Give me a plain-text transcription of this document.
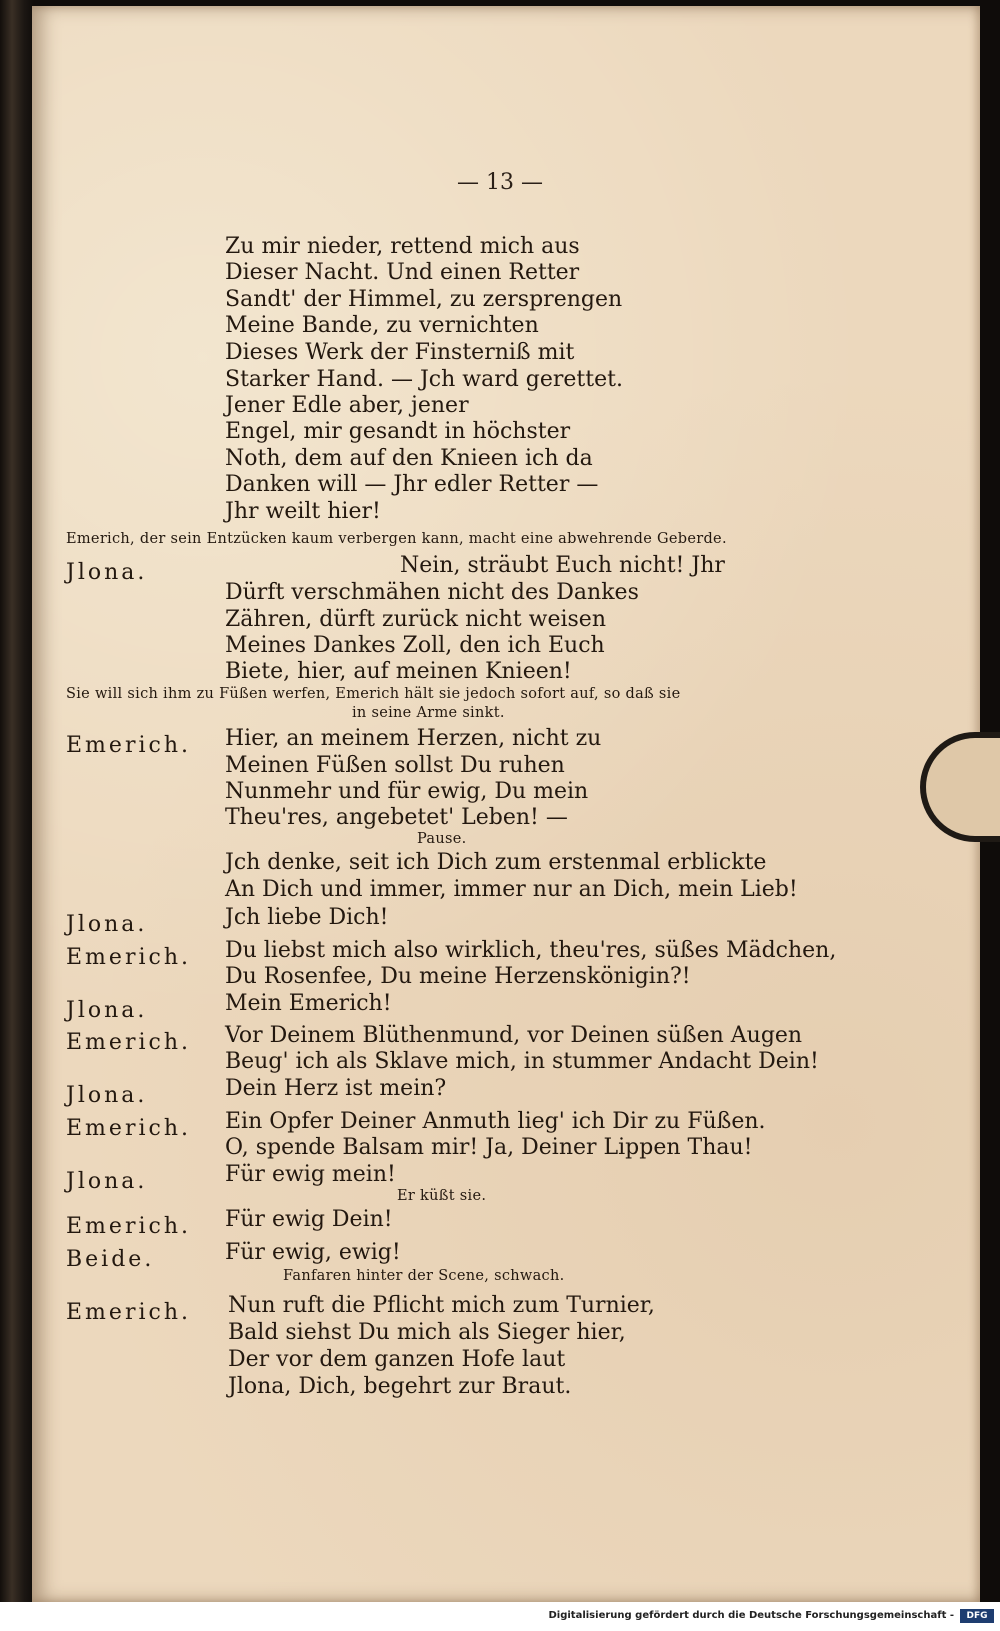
— 13 —
Zu mir nieder, rettend mich aus
Dieser Nacht. Und einen Retter
Sandt' der Himmel, zu zersprengen
Meine Bande, zu vernichten
Dieses Werk der Finsterniß mit
Starker Hand. — Jch ward gerettet.
Jener Edle aber, jener
Engel, mir gesandt in höchster
Noth, dem auf den Knieen ich da
Danken will — Jhr edler Retter —
Jhr weilt hier!
Emerich, der sein Entzücken kaum verbergen kann, macht eine abwehrende Geberde.
Jlona.	Nein, sträubt Euch nicht! Jhr
Dürft verschmähen nicht des Dankes
Zähren, dürft zurück nicht weisen
Meines Dankes Zoll, den ich Euch
Biete, hier, auf meinen Knieen!
Sie will sich ihm zu Füßen werfen, Emerich hält sie jedoch sofort auf, so daß sie
in seine Arme sinkt.
Emerich. Hier, an meinem Herzen, nicht zu
Meinen Füßen sollst Du ruhen
Nunmehr und für ewig, Du mein
Theu'res, angebetet' Leben! —
Pause.
Jch denke, seit ich Dich zum erstenmal erblickte
An Dich und immer, immer nur an Dich, mein Lieb!
Jlona.	Jch liebe Dich!
Emerich. Du liebst mich also wirklich, theu'res, süßes Mädchen,
Du Rosenfee, Du meine Herzenskönigin?!
Jlona.	Mein Emerich!
Emerich. Vor Deinem Blüthenmund, vor Deinen süßen Augen
Beug' ich als Sklave mich, in stummer Andacht Dein!
Jlona.	Dein Herz ist mein?
Emerich. Ein Opfer Deiner Anmuth lieg' ich Dir zu Füßen.
O, spende Balsam mir! Ja, Deiner Lippen Thau!
Jlona.	Für ewig mein!
Er küßt sie.
Emerich. Für ewig Dein!
Beide.	Für ewig, ewig!
Fanfaren hinter der Scene, schwach.
Emerich. Nun ruft die Pflicht mich zum Turnier,
Bald siehst Du mich als Sieger hier,
Der vor dem ganzen Hofe laut
Jlona, Dich, begehrt zur Braut.
Digitalisierung gefördert durch die Deutsche Forschungsgemeinschaft -	DFG
